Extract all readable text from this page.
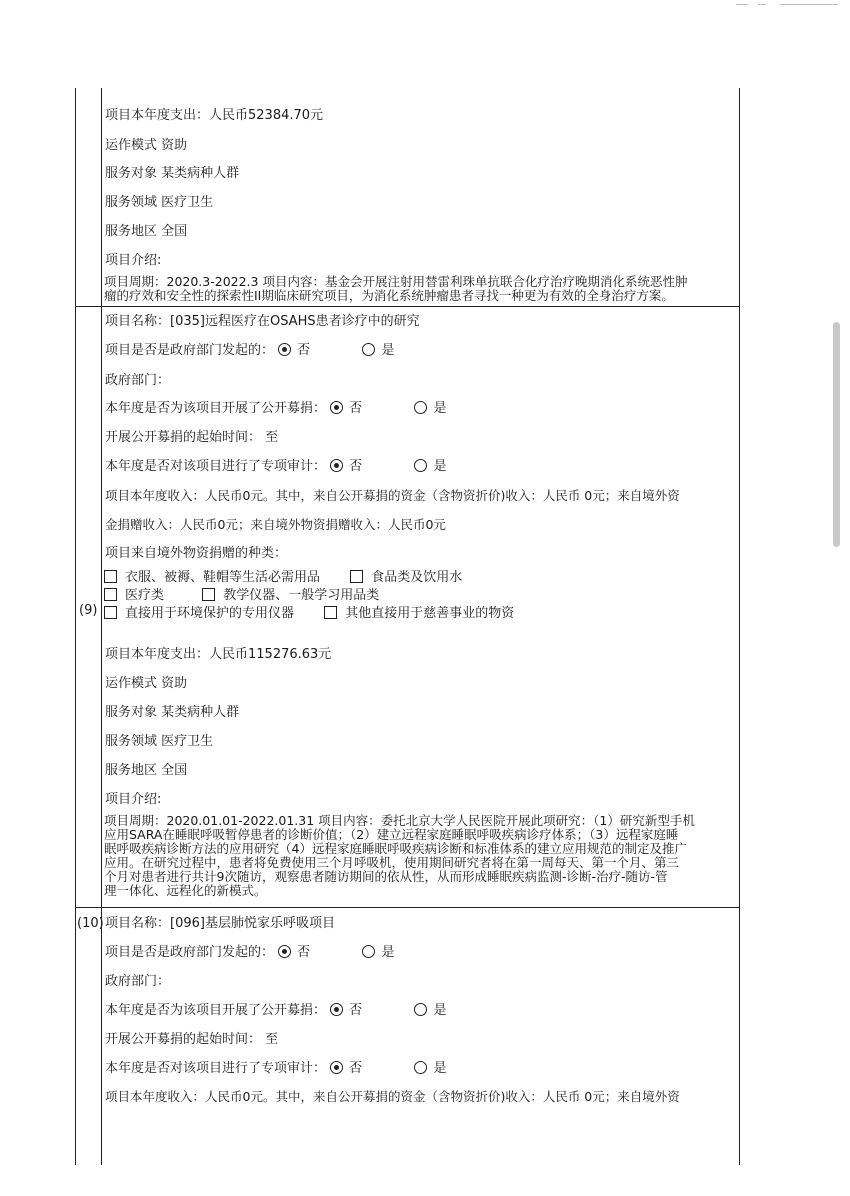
项目本年度支出：人民币52384.70元
运作模式 资助
服务对象 某类病种人群
服务领域 医疗卫生
服务地区 全国
项目介绍:
项目周期：2020.3-2022.3 项目内容：基金会开展注射用替雷利珠单抗联合化疗治疗晚期消化系统恶性肿
瘤的疗效和安全性的探索性II期临床研究项目，为消化系统肿瘤患者寻找一种更为有效的全身治疗方案。
(9)
项目名称：[035]远程医疗在OSAHS患者诊疗中的研究
项目是否是政府部门发起的： 否	是
政府部门：
本年度是否为该项目开展了公开募捐： 否	是
开展公开募捐的起始时间： 至
本年度是否对该项目进行了专项审计： 否	是
项目本年度收入：人民币0元。其中，来自公开募捐的资金（含物资折价)收入：人民币 0元；来自境外资
金捐赠收入：人民币0元；来自境外物资捐赠收入：人民币0元
项目来自境外物资捐赠的种类：
衣服、被褥、鞋帽等生活必需用品	食品类及饮用水
医疗类	教学仪器、一般学习用品类
直接用于环境保护的专用仪器	其他直接用于慈善事业的物资
项目本年度支出：人民币115276.63元
运作模式 资助
服务对象 某类病种人群
服务领域 医疗卫生
服务地区 全国
项目介绍:
项目周期：2020.01.01-2022.01.31 项目内容：委托北京大学人民医院开展此项研究：（1）研究新型手机
应用SARA在睡眠呼吸暂停患者的诊断价值；（2）建立远程家庭睡眠呼吸疾病诊疗体系；（3）远程家庭睡
眠呼吸疾病诊断方法的应用研究（4）远程家庭睡眠呼吸疾病诊断和标准体系的建立应用规范的制定及推广
应用。在研究过程中，患者将免费使用三个月呼吸机，使用期间研究者将在第一周每天、第一个月、第三
个月对患者进行共计9次随访，观察患者随访期间的依从性，从而形成睡眠疾病监测-诊断-治疗-随访-管
理一体化、远程化的新模式。
(10) 项目名称：[096]基层肺悦家乐呼吸项目
项目是否是政府部门发起的： 否	是
政府部门：
本年度是否为该项目开展了公开募捐： 否	是
开展公开募捐的起始时间： 至
本年度是否对该项目进行了专项审计： 否	是
项目本年度收入：人民币0元。其中，来自公开募捐的资金（含物资折价)收入：人民币 0元；来自境外资
